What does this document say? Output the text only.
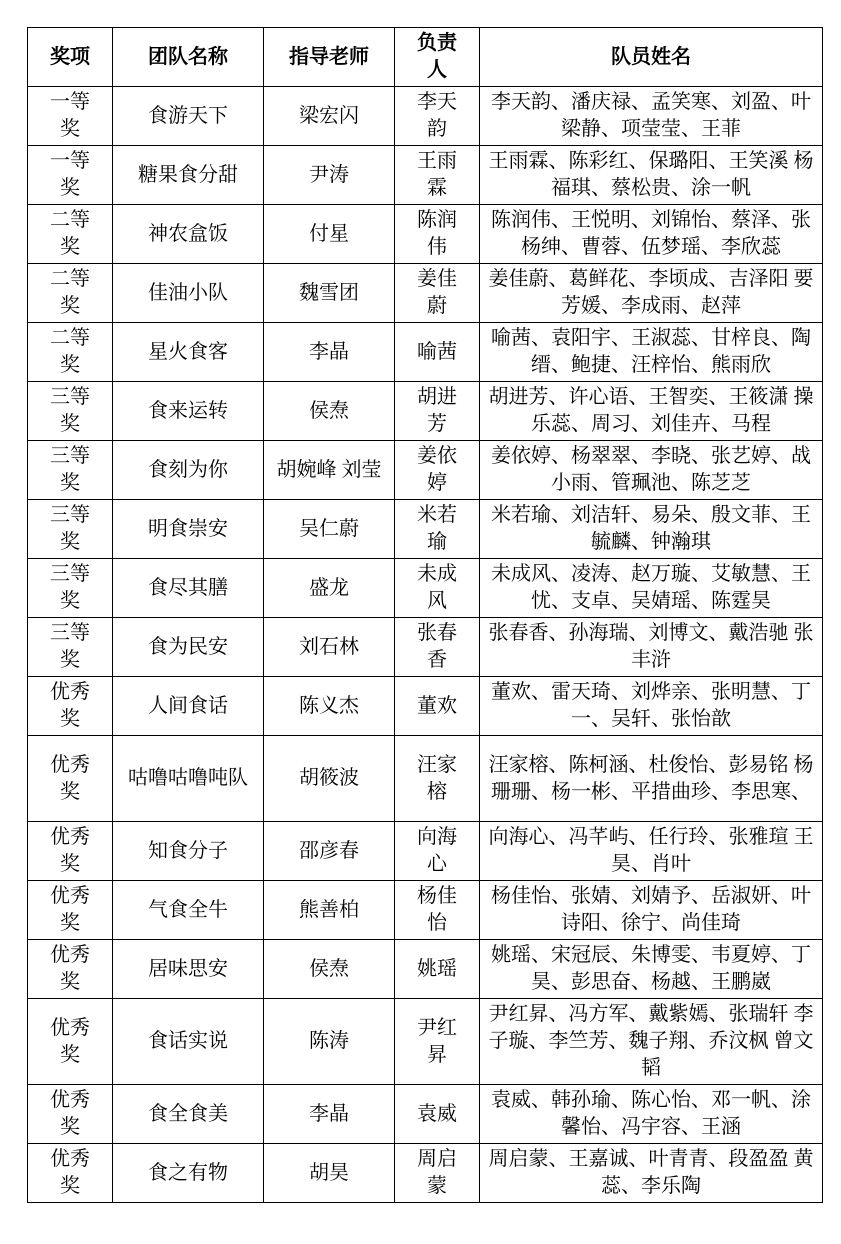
奖项	团队名称	指导老师	负责人	队员姓名
一等奖	食游天下	梁宏闪	李天韵	李天韵、潘庆禄、孟笑寒、刘盈、叶梁静、项莹莹、王菲
一等奖	糖果食分甜	尹涛	王雨霖	王雨霖、陈彩红、保璐阳、王笑溪 杨福琪、蔡松贵、涂一帆
二等奖	神农盒饭	付星	陈润伟	陈润伟、王悦明、刘锦怡、蔡泽、张杨绅、曹蓉、伍梦瑶、李欣蕊
二等奖	佳油小队	魏雪团	姜佳蔚	姜佳蔚、葛鲜花、李顷成、吉泽阳 要芳媛、李成雨、赵萍
二等奖	星火食客	李晶	喻茜	喻茜、袁阳宇、王淑蕊、甘梓良、陶缙、鲍捷、汪梓怡、熊雨欣
三等奖	食来运转	侯焘	胡进芳	胡进芳、许心语、王智奕、王筱潇 操乐蕊、周习、刘佳卉、马程
三等奖	食刻为你	胡婉峰 刘莹	姜依婷	姜依婷、杨翠翠、李晓、张艺婷、战小雨、管珮池、陈芝芝
三等奖	明食崇安	吴仁蔚	米若瑜	米若瑜、刘洁轩、易朵、殷文菲、王毓麟、钟瀚琪
三等奖	食尽其膳	盛龙	未成风	未成风、凌涛、赵万璇、艾敏慧、王忧、支卓、吴婧瑶、陈霆昊
三等奖	食为民安	刘石林	张春香	张春香、孙海瑞、刘博文、戴浩驰 张丰浒
优秀奖	人间食话	陈义杰	董欢	董欢、雷天琦、刘烨亲、张明慧、丁一、吴轩、张怡歆
优秀奖	咕噜咕噜吨队	胡筱波	汪家榕	汪家榕、陈柯涵、杜俊怡、彭易铭 杨珊珊、杨一彬、平措曲珍、李思寒、
优秀奖	知食分子	邵彦春	向海心	向海心、冯芊屿、任行玲、张雅瑄 王昊、肖叶
优秀奖	气食全牛	熊善柏	杨佳怡	杨佳怡、张婧、刘婧予、岳淑妍、叶诗阳、徐宁、尚佳琦
优秀奖	居味思安	侯焘	姚瑶	姚瑶、宋冠辰、朱博雯、韦夏婷、丁昊、彭思奋、杨越、王鹏崴
优秀奖	食话实说	陈涛	尹红昇	尹红昇、冯方军、戴紫嫣、张瑞轩 李子璇、李竺芳、魏子翔、乔汶枫 曾文韬
优秀奖	食全食美	李晶	袁威	袁威、韩孙瑜、陈心怡、邓一帆、涂馨怡、冯宇容、王涵
优秀奖	食之有物	胡昊	周启蒙	周启蒙、王嘉诚、叶青青、段盈盈 黄蕊、李乐陶
